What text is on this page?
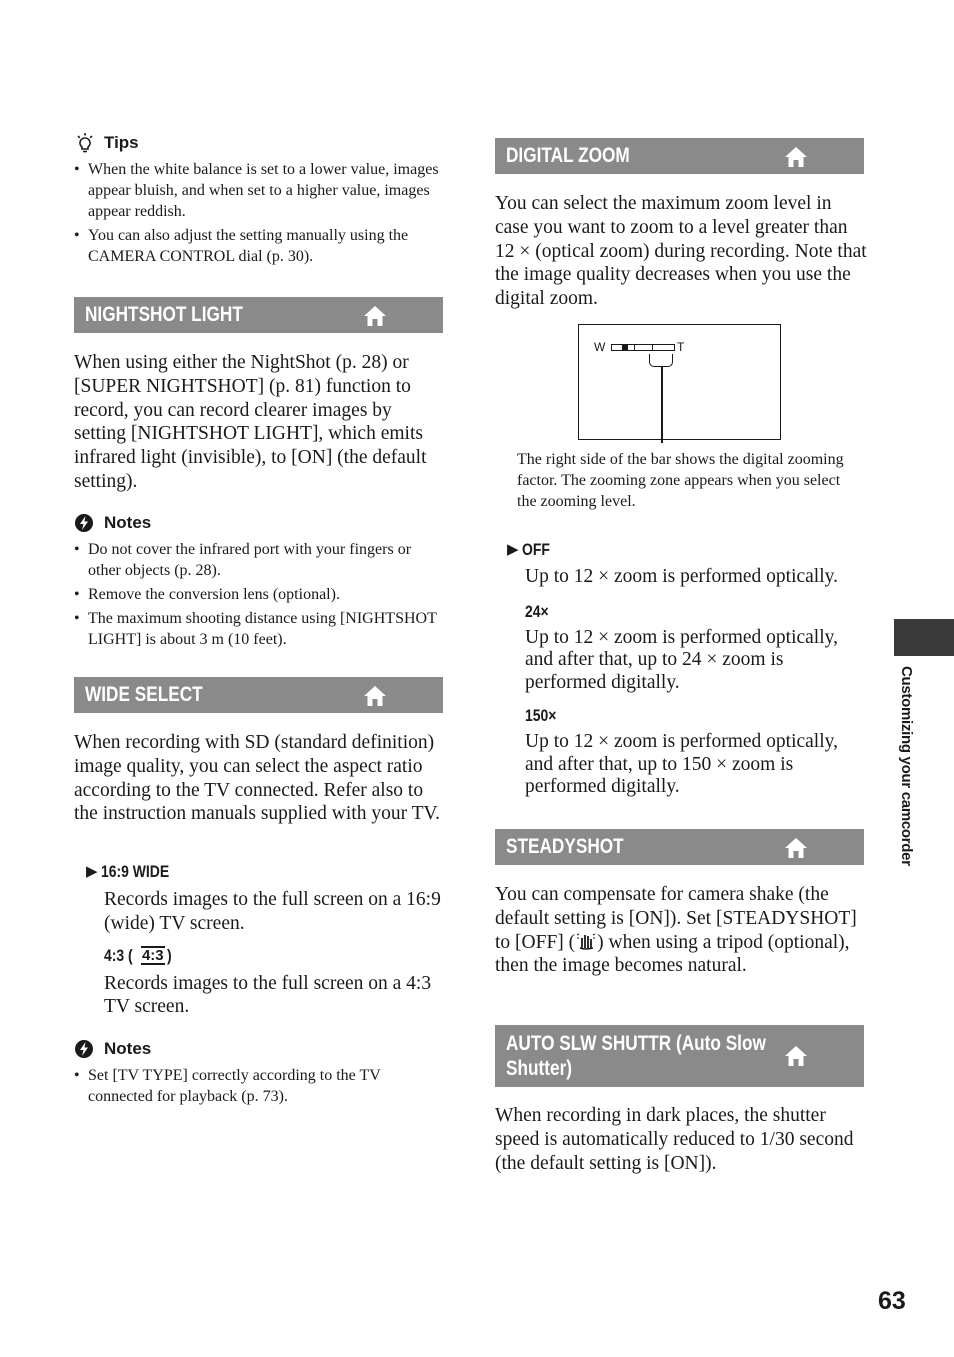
Tips
• When the white balance is set to a lower value, images appear bluish, and when set to a higher value, images appear reddish.
• You can also adjust the setting manually using the CAMERA CONTROL dial (p. 30).
NIGHTSHOT LIGHT
When using either the NightShot (p. 28) or [SUPER NIGHTSHOT] (p. 81) function to record, you can record clearer images by setting [NIGHTSHOT LIGHT], which emits infrared light (invisible), to [ON] (the default setting).
Notes
• Do not cover the infrared port with your fingers or other objects (p. 28).
• Remove the conversion lens (optional).
• The maximum shooting distance using [NIGHTSHOT LIGHT] is about 3 m (10 feet).
WIDE SELECT
When recording with SD (standard definition) image quality, you can select the aspect ratio according to the TV connected. Refer also to the instruction manuals supplied with your TV.
▶ 16:9 WIDE
Records images to the full screen on a 16:9 (wide) TV screen.
4:3 ( 4:3 )
Records images to the full screen on a 4:3 TV screen.
Notes
• Set [TV TYPE] correctly according to the TV connected for playback (p. 73).
DIGITAL ZOOM
You can select the maximum zoom level in case you want to zoom to a level greater than 12 × (optical zoom) during recording. Note that the image quality decreases when you use the digital zoom.
W	T
The right side of the bar shows the digital zooming factor. The zooming zone appears when you select the zooming level.
▶ OFF
Up to 12 × zoom is performed optically.
24×
Up to 12 × zoom is performed optically, and after that, up to 24 × zoom is performed digitally.
150×
Up to 12 × zoom is performed optically, and after that, up to 150 × zoom is performed digitally.
STEADYSHOT
You can compensate for camera shake (the default setting is [ON]). Set [STEADYSHOT] to [OFF] ( ) when using a tripod (optional), then the image becomes natural.
AUTO SLW SHUTTR (Auto Slow
Shutter)
When recording in dark places, the shutter speed is automatically reduced to 1/30 second (the default setting is [ON]).
Customizing your camcorder
63
